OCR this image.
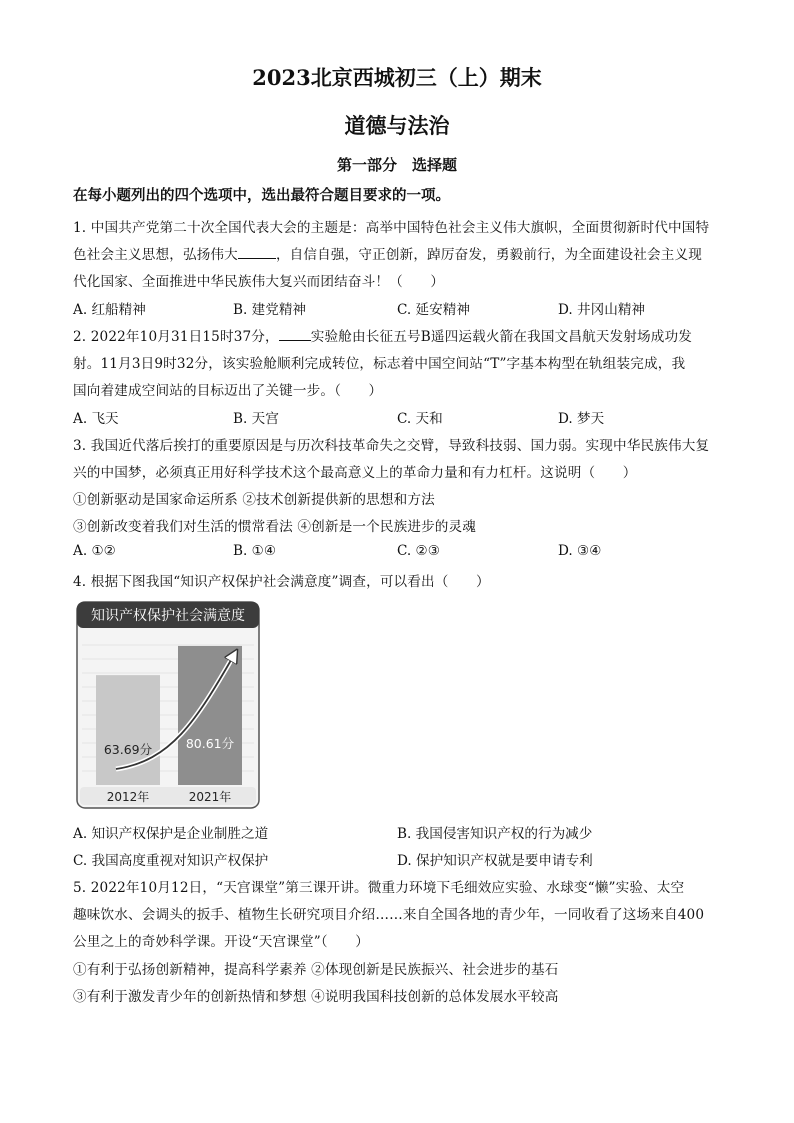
2023北京西城初三（上）期末
道德与法治
第一部分　选择题
在每小题列出的四个选项中，选出最符合题目要求的一项。
1. 中国共产党第二十次全国代表大会的主题是：高举中国特色社会主义伟大旗帜，全面贯彻新时代中国特
色社会主义思想，弘扬伟大	，自信自强，守正创新，踔厉奋发，勇毅前行，为全面建设社会主义现
代化国家、全面推进中华民族伟大复兴而团结奋斗！（　　）
A. 红船精神	B. 建党精神	C. 延安精神	D. 井冈山精神
2. 2022年10月31日15时37分， 实验舱由长征五号B遥四运载火箭在我国文昌航天发射场成功发
射。11月3日9时32分，该实验舱顺利完成转位，标志着中国空间站“T”字基本构型在轨组装完成，我
国向着建成空间站的目标迈出了关键一步。（　　）
A. 飞天	B. 天宫	C. 天和	D. 梦天
3. 我国近代落后挨打的重要原因是与历次科技革命失之交臂，导致科技弱、国力弱。实现中华民族伟大复
兴的中国梦，必须真正用好科学技术这个最高意义上的革命力量和有力杠杆。这说明（　　）
①创新驱动是国家命运所系 ②技术创新提供新的思想和方法
③创新改变着我们对生活的惯常看法 ④创新是一个民族进步的灵魂
A. ①②	B. ①④	C. ②③	D. ③④
4. 根据下图我国“知识产权保护社会满意度”调查，可以看出（　　）
知识产权保护社会满意度
63.69分	80.61分
2012年	2021年
A. 知识产权保护是企业制胜之道	B. 我国侵害知识产权的行为减少
C. 我国高度重视对知识产权保护	D. 保护知识产权就是要申请专利
5. 2022年10月12日，“天宫课堂”第三课开讲。微重力环境下毛细效应实验、水球变“懒”实验、太空
趣味饮水、会调头的扳手、植物生长研究项目介绍……来自全国各地的青少年，一同收看了这场来自400
公里之上的奇妙科学课。开设“天宫课堂”（　　）
①有利于弘扬创新精神，提高科学素养 ②体现创新是民族振兴、社会进步的基石
③有利于激发青少年的创新热情和梦想 ④说明我国科技创新的总体发展水平较高
